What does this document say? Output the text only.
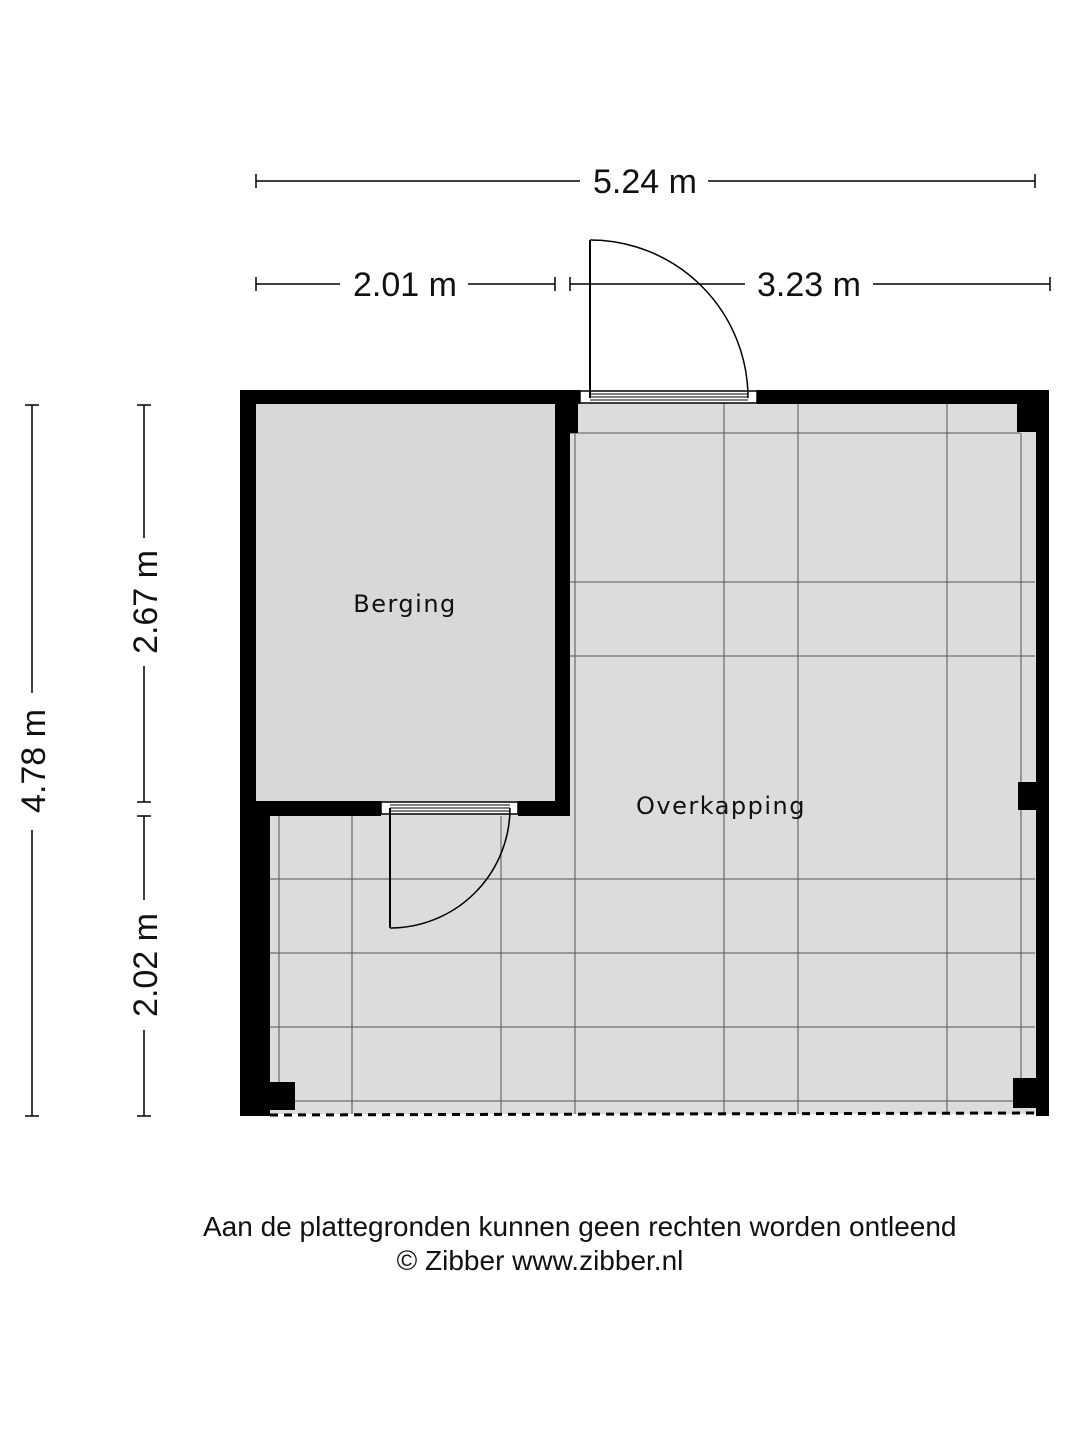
Berging
Overkapping
5.24 m
2.01 m	3.23 m
4.78 m
2.67 m
2.02 m
Aan de plattegronden kunnen geen rechten worden ontleend
© Zibber www.zibber.nl
